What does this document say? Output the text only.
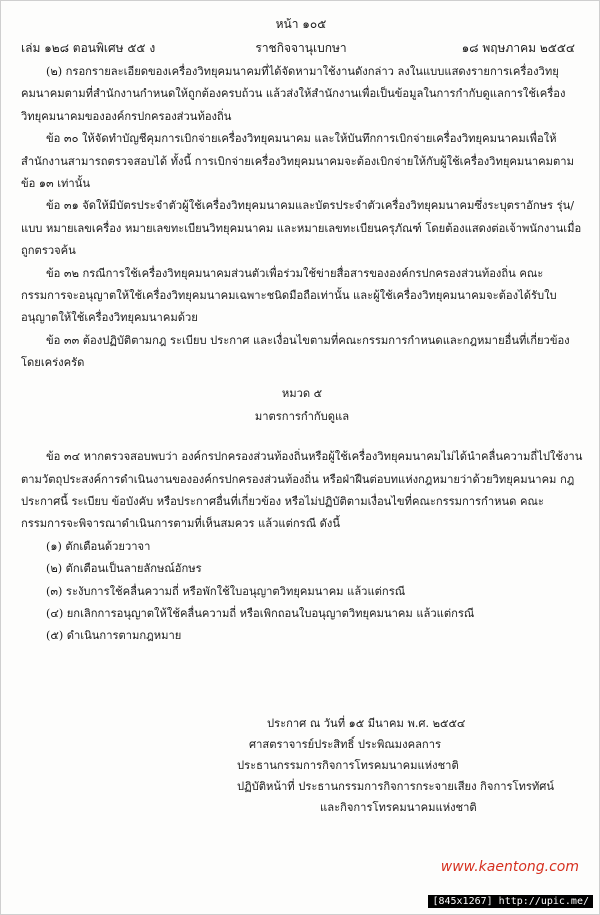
หน้า ๑๐๕
เล่ม ๑๒๘ ตอนพิเศษ ๕๕ ง	ราชกิจจานุเบกษา	๑๘ พฤษภาคม ๒๕๕๔

(๒) กรอกรายละเอียดของเครื่องวิทยุคมนาคมที่ได้จัดหามาใช้งานดังกล่าว ลงในแบบแสดงรายการเครื่องวิทยุคมนาคมตามที่สำนักงานกำหนดให้ถูกต้องครบถ้วน แล้วส่งให้สำนักงานเพื่อเป็นข้อมูลในการกำกับดูแลการใช้เครื่องวิทยุคมนาคมขององค์กรปกครองส่วนท้องถิ่น

ข้อ ๓๐ ให้จัดทำบัญชีคุมการเบิกจ่ายเครื่องวิทยุคมนาคม และให้บันทึกการเบิกจ่ายเครื่องวิทยุคมนาคมเพื่อให้สำนักงานสามารถตรวจสอบได้ ทั้งนี้ การเบิกจ่ายเครื่องวิทยุคมนาคมจะต้องเบิกจ่ายให้กับผู้ใช้เครื่องวิทยุคมนาคมตามข้อ ๑๓ เท่านั้น

ข้อ ๓๑ จัดให้มีบัตรประจำตัวผู้ใช้เครื่องวิทยุคมนาคมและบัตรประจำตัวเครื่องวิทยุคมนาคมซึ่งระบุตราอักษร รุ่น/แบบ หมายเลขเครื่อง หมายเลขทะเบียนวิทยุคมนาคม และหมายเลขทะเบียนครุภัณฑ์ โดยต้องแสดงต่อเจ้าพนักงานเมื่อถูกตรวจค้น

ข้อ ๓๒ กรณีการใช้เครื่องวิทยุคมนาคมส่วนตัวเพื่อร่วมใช้ข่ายสื่อสารขององค์กรปกครองส่วนท้องถิ่น คณะกรรมการจะอนุญาตให้ใช้เครื่องวิทยุคมนาคมเฉพาะชนิดมือถือเท่านั้น และผู้ใช้เครื่องวิทยุคมนาคมจะต้องได้รับใบอนุญาตให้ใช้เครื่องวิทยุคมนาคมด้วย

ข้อ ๓๓ ต้องปฏิบัติตามกฎ ระเบียบ ประกาศ และเงื่อนไขตามที่คณะกรรมการกำหนดและกฎหมายอื่นที่เกี่ยวข้องโดยเคร่งครัด

หมวด ๕
มาตรการกำกับดูแล

ข้อ ๓๔ หากตรวจสอบพบว่า องค์กรปกครองส่วนท้องถิ่นหรือผู้ใช้เครื่องวิทยุคมนาคมไม่ได้นำคลื่นความถี่ไปใช้งานตามวัตถุประสงค์การดำเนินงานขององค์กรปกครองส่วนท้องถิ่น หรือฝ่าฝืนต่อบทแห่งกฎหมายว่าด้วยวิทยุคมนาคม กฎ ประกาศนี้ ระเบียบ ข้อบังคับ หรือประกาศอื่นที่เกี่ยวข้อง หรือไม่ปฏิบัติตามเงื่อนไขที่คณะกรรมการกำหนด คณะกรรมการจะพิจารณาดำเนินการตามที่เห็นสมควร แล้วแต่กรณี ดังนี้

(๑) ตักเตือนด้วยวาจา

(๒) ตักเตือนเป็นลายลักษณ์อักษร

(๓) ระงับการใช้คลื่นความถี่ หรือพักใช้ใบอนุญาตวิทยุคมนาคม แล้วแต่กรณี

(๔) ยกเลิกการอนุญาตให้ใช้คลื่นความถี่ หรือเพิกถอนใบอนุญาตวิทยุคมนาคม แล้วแต่กรณี

(๕) ดำเนินการตามกฎหมาย

ประกาศ ณ วันที่ ๑๕ มีนาคม พ.ศ. ๒๕๕๔
ศาสตราจารย์ประสิทธิ์ ประพิณมงคลการ
ประธานกรรมการกิจการโทรคมนาคมแห่งชาติ
ปฏิบัติหน้าที่ ประธานกรรมการกิจการกระจายเสียง กิจการโทรทัศน์
และกิจการโทรคมนาคมแห่งชาติ
www.kaentong.com
[845x1267] http://upic.me/
